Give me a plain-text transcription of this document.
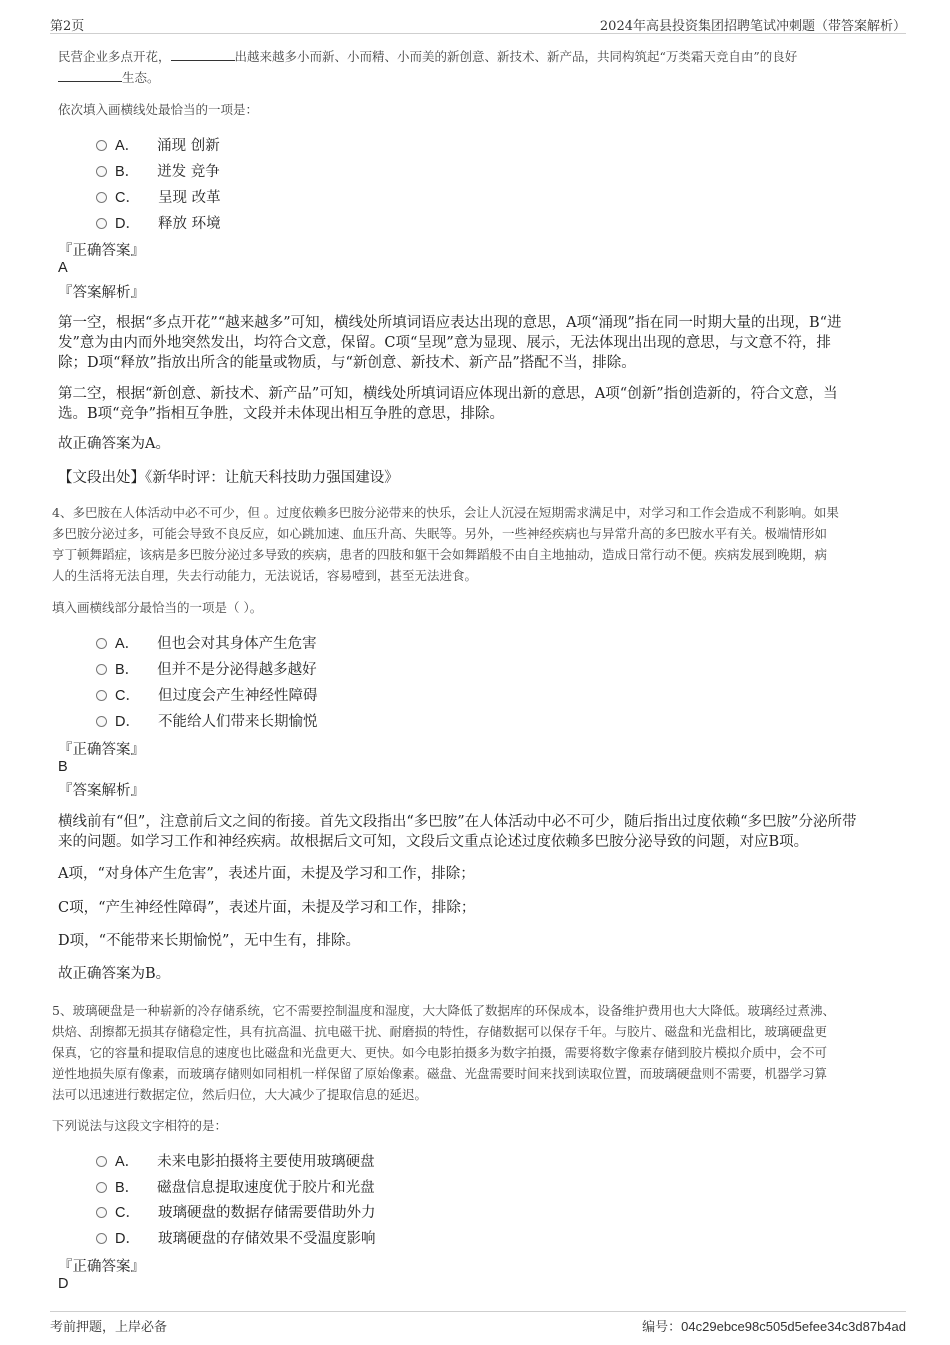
第2页	2024年高县投资集团招聘笔试冲刺题（带答案解析）
民营企业多点开花，	出越来越多小而新、小而精、小而美的新创意、新技术、新产品，共同构筑起“万类霜天竞自由”的良好
生态。
依次填入画横线处最恰当的一项是：
A． 涌现 创新
B． 迸发 竞争
C． 呈现 改革
D． 释放 环境
『正确答案』
A
『答案解析』
第一空，根据“多点开花”“越来越多”可知，横线处所填词语应表达出现的意思，A项“涌现”指在同一时期大量的出现，B“进
发”意为由内而外地突然发出，均符合文意，保留。C项“呈现”意为显现、展示，无法体现出出现的意思，与文意不符，排
除；D项“释放”指放出所含的能量或物质，与“新创意、新技术、新产品”搭配不当，排除。
第二空，根据“新创意、新技术、新产品”可知，横线处所填词语应体现出新的意思，A项“创新”指创造新的，符合文意，当
选。B项“竞争”指相互争胜，文段并未体现出相互争胜的意思，排除。
故正确答案为A。
【文段出处】《新华时评：让航天科技助力强国建设》
4、多巴胺在人体活动中必不可少，但 。过度依赖多巴胺分泌带来的快乐，会让人沉浸在短期需求满足中，对学习和工作会造成不利影响。如果
多巴胺分泌过多，可能会导致不良反应，如心跳加速、血压升高、失眠等。另外，一些神经疾病也与异常升高的多巴胺水平有关。极端情形如
亨丁顿舞蹈症，该病是多巴胺分泌过多导致的疾病，患者的四肢和躯干会如舞蹈般不由自主地抽动，造成日常行动不便。疾病发展到晚期，病
人的生活将无法自理，失去行动能力，无法说话，容易噎到，甚至无法进食。
填入画横线部分最恰当的一项是（ ）。
A． 但也会对其身体产生危害
B． 但并不是分泌得越多越好
C． 但过度会产生神经性障碍
D． 不能给人们带来长期愉悦
『正确答案』
B
『答案解析』
横线前有“但”，注意前后文之间的衔接。首先文段指出“多巴胺”在人体活动中必不可少，随后指出过度依赖“多巴胺”分泌所带
来的问题。如学习工作和神经疾病。故根据后文可知，文段后文重点论述过度依赖多巴胺分泌导致的问题，对应B项。
A项，“对身体产生危害”，表述片面，未提及学习和工作，排除；
C项，“产生神经性障碍”，表述片面，未提及学习和工作，排除；
D项，“不能带来长期愉悦”，无中生有，排除。
故正确答案为B。
5、玻璃硬盘是一种崭新的冷存储系统，它不需要控制温度和湿度，大大降低了数据库的环保成本，设备维护费用也大大降低。玻璃经过煮沸、
烘焙、刮擦都无损其存储稳定性，具有抗高温、抗电磁干扰、耐磨损的特性，存储数据可以保存千年。与胶片、磁盘和光盘相比，玻璃硬盘更
保真，它的容量和提取信息的速度也比磁盘和光盘更大、更快。如今电影拍摄多为数字拍摄，需要将数字像素存储到胶片模拟介质中，会不可
逆性地损失原有像素，而玻璃存储则如同相机一样保留了原始像素。磁盘、光盘需要时间来找到读取位置，而玻璃硬盘则不需要，机器学习算
法可以迅速进行数据定位，然后归位，大大减少了提取信息的延迟。
下列说法与这段文字相符的是：
A． 未来电影拍摄将主要使用玻璃硬盘
B． 磁盘信息提取速度优于胶片和光盘
C． 玻璃硬盘的数据存储需要借助外力
D． 玻璃硬盘的存储效果不受温度影响
『正确答案』
D
考前押题，上岸必备	编号：04c29ebce98c505d5efee34c3d87b4ad
